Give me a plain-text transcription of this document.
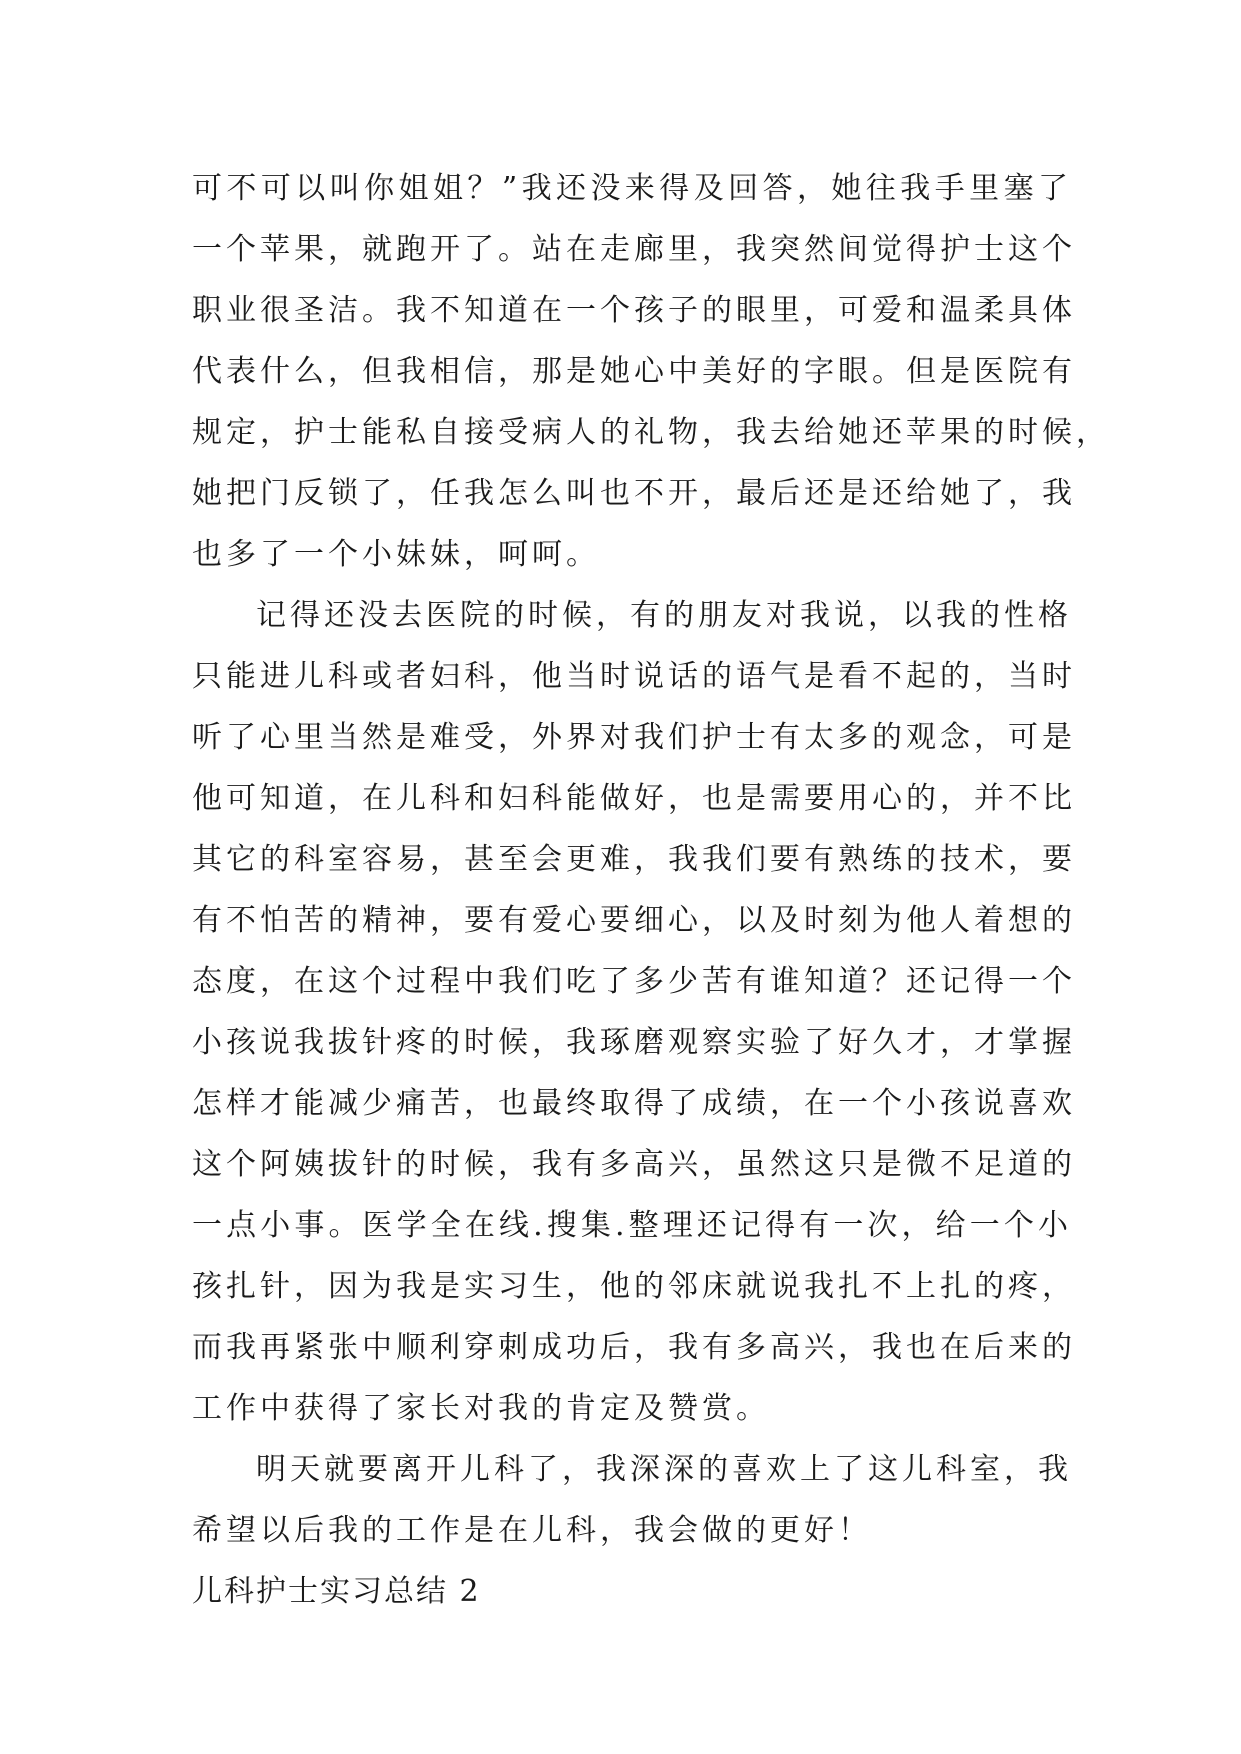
可不可以叫你姐姐？”我还没来得及回答，她往我手里塞了
一个苹果，就跑开了。站在走廊里，我突然间觉得护士这个
职业很圣洁。我不知道在一个孩子的眼里，可爱和温柔具体
代表什么，但我相信，那是她心中美好的字眼。但是医院有
规定，护士能私自接受病人的礼物，我去给她还苹果的时候，
她把门反锁了，任我怎么叫也不开，最后还是还给她了，我
也多了一个小妹妹，呵呵。
记得还没去医院的时候，有的朋友对我说，以我的性格
只能进儿科或者妇科，他当时说话的语气是看不起的，当时
听了心里当然是难受，外界对我们护士有太多的观念，可是
他可知道，在儿科和妇科能做好，也是需要用心的，并不比
其它的科室容易，甚至会更难，我我们要有熟练的技术，要
有不怕苦的精神，要有爱心要细心，以及时刻为他人着想的
态度，在这个过程中我们吃了多少苦有谁知道？还记得一个
小孩说我拔针疼的时候，我琢磨观察实验了好久才，才掌握
怎样才能减少痛苦，也最终取得了成绩，在一个小孩说喜欢
这个阿姨拔针的时候，我有多高兴，虽然这只是微不足道的
一点小事。医学全在线.搜集.整理还记得有一次，给一个小
孩扎针，因为我是实习生，他的邻床就说我扎不上扎的疼，
而我再紧张中顺利穿刺成功后，我有多高兴，我也在后来的
工作中获得了家长对我的肯定及赞赏。
明天就要离开儿科了，我深深的喜欢上了这儿科室，我
希望以后我的工作是在儿科，我会做的更好！
儿科护士实习总结 2
